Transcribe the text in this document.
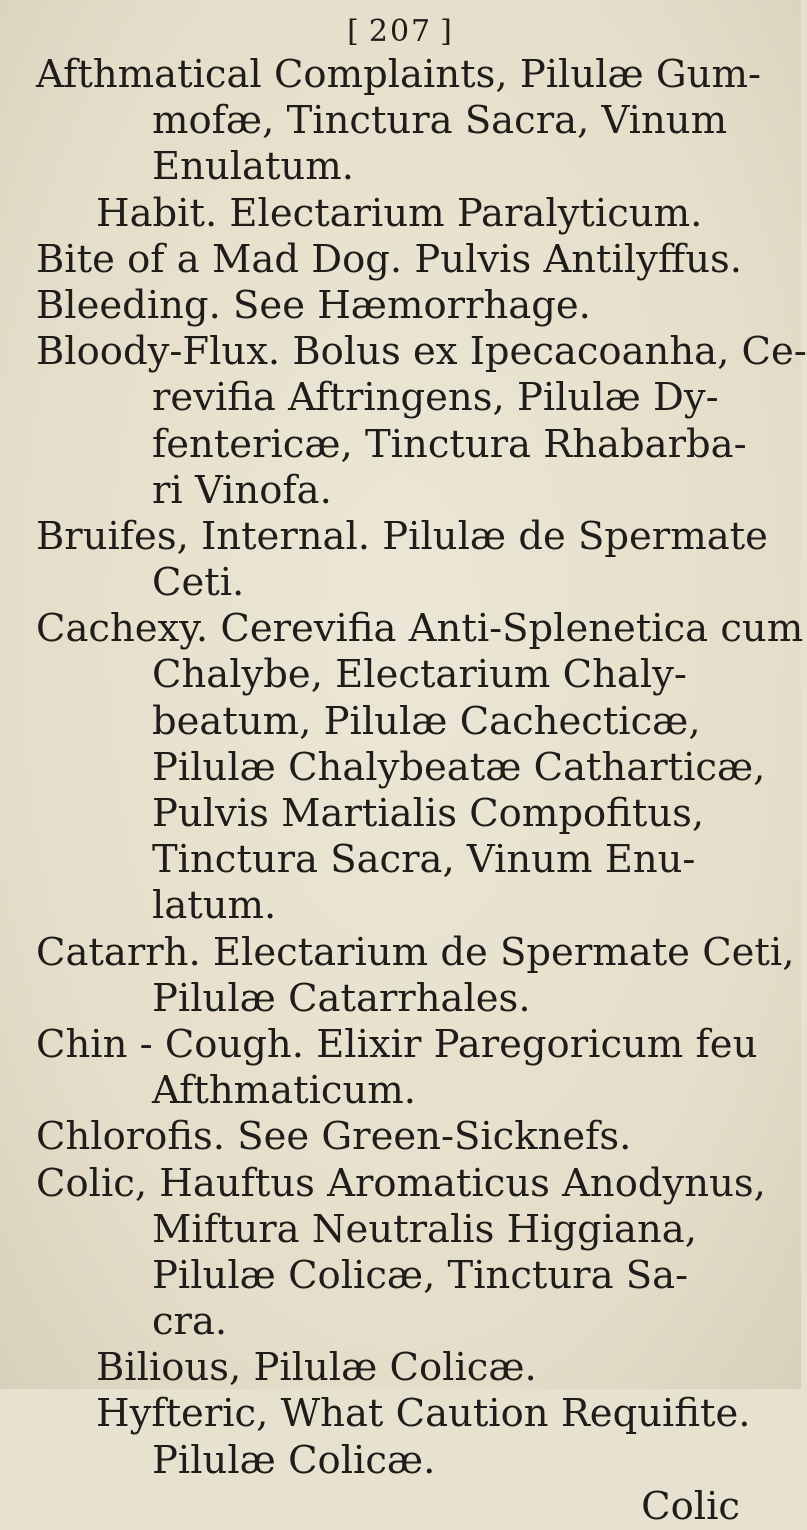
[ 207 ]
Afthmatical Complaints, Pilulæ Gum-
mofæ, Tinctura Sacra, Vinum
Enulatum.
Habit. Electarium Paralyticum.
Bite of a Mad Dog. Pulvis Antilyffus.
Bleeding. See Hæmorrhage.
Bloody-Flux. Bolus ex Ipecacoanha, Ce-
revifia Aftringens, Pilulæ Dy-
fentericæ, Tinctura Rhabarba-
ri Vinofa.
Bruifes, Internal. Pilulæ de Spermate
Ceti.
Cachexy. Cerevifia Anti-Splenetica cum
Chalybe, Electarium Chaly-
beatum, Pilulæ Cachecticæ,
Pilulæ Chalybeatæ Catharticæ,
Pulvis Martialis Compofitus,
Tinctura Sacra, Vinum Enu-
latum.
Catarrh. Electarium de Spermate Ceti,
Pilulæ Catarrhales.
Chin - Cough. Elixir Paregoricum feu
Afthmaticum.
Chlorofis. See Green-Sicknefs.
Colic, Hauftus Aromaticus Anodynus,
Miftura Neutralis Higgiana,
Pilulæ Colicæ, Tinctura Sa-
cra.
Bilious, Pilulæ Colicæ.
Hyfteric, What Caution Requifite.
Pilulæ Colicæ.
Colic
